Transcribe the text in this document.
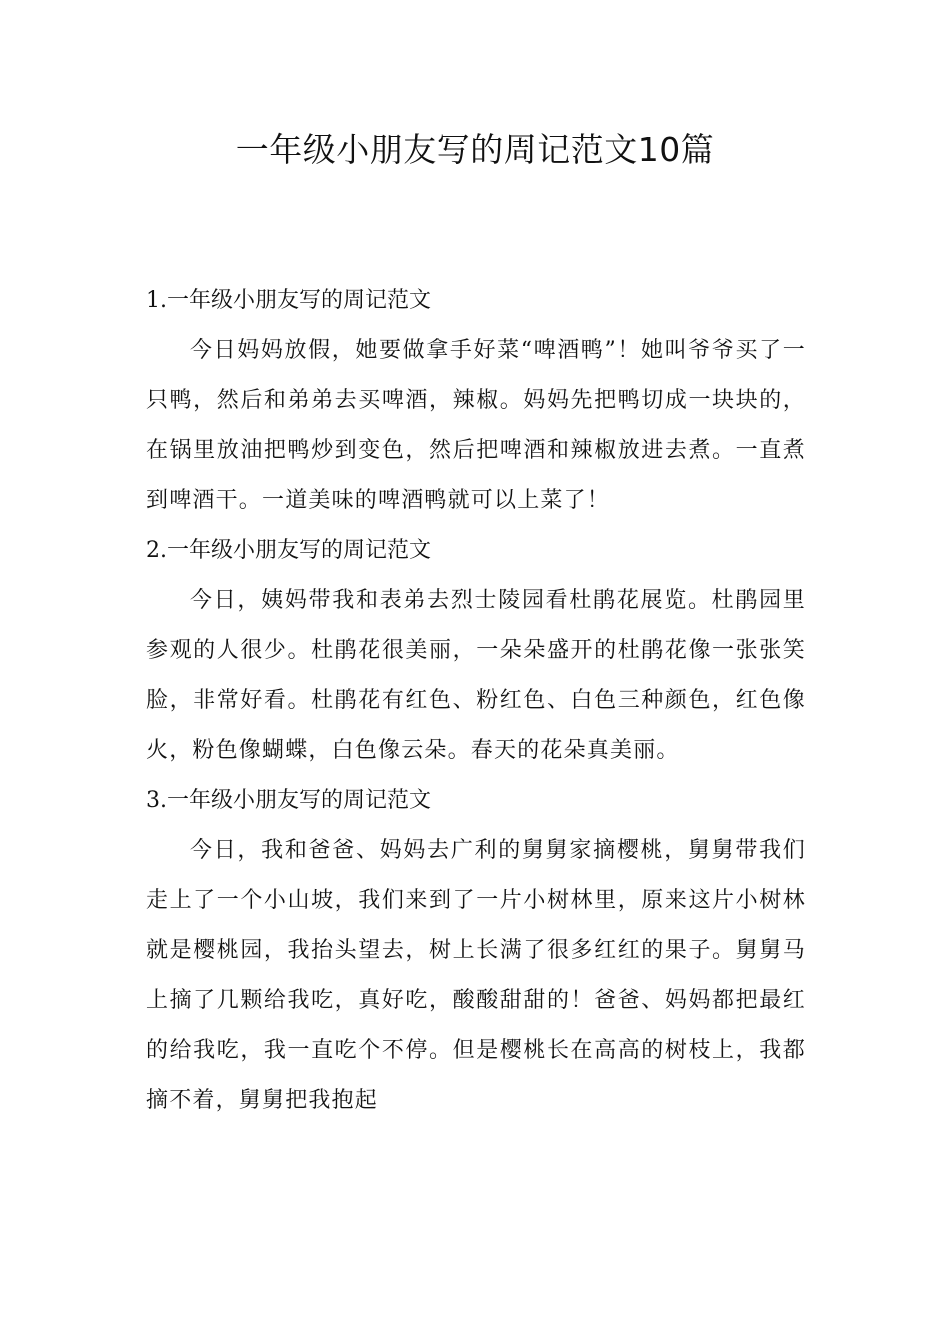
一年级小朋友写的周记范文10篇

1.一年级小朋友写的周记范文

今日妈妈放假，她要做拿手好菜“啤酒鸭”！她叫爷爷买了一只鸭，然后和弟弟去买啤酒，辣椒。妈妈先把鸭切成一块块的，在锅里放油把鸭炒到变色，然后把啤酒和辣椒放进去煮。一直煮到啤酒干。一道美味的啤酒鸭就可以上菜了！

2.一年级小朋友写的周记范文

今日，姨妈带我和表弟去烈士陵园看杜鹃花展览。杜鹃园里参观的人很少。杜鹃花很美丽，一朵朵盛开的杜鹃花像一张张笑脸，非常好看。杜鹃花有红色、粉红色、白色三种颜色，红色像火，粉色像蝴蝶，白色像云朵。春天的花朵真美丽。

3.一年级小朋友写的周记范文

今日，我和爸爸、妈妈去广利的舅舅家摘樱桃，舅舅带我们走上了一个小山坡，我们来到了一片小树林里，原来这片小树林就是樱桃园，我抬头望去，树上长满了很多红红的果子。舅舅马上摘了几颗给我吃，真好吃，酸酸甜甜的！爸爸、妈妈都把最红的给我吃，我一直吃个不停。但是樱桃长在高高的树枝上，我都摘不着，舅舅把我抱起
